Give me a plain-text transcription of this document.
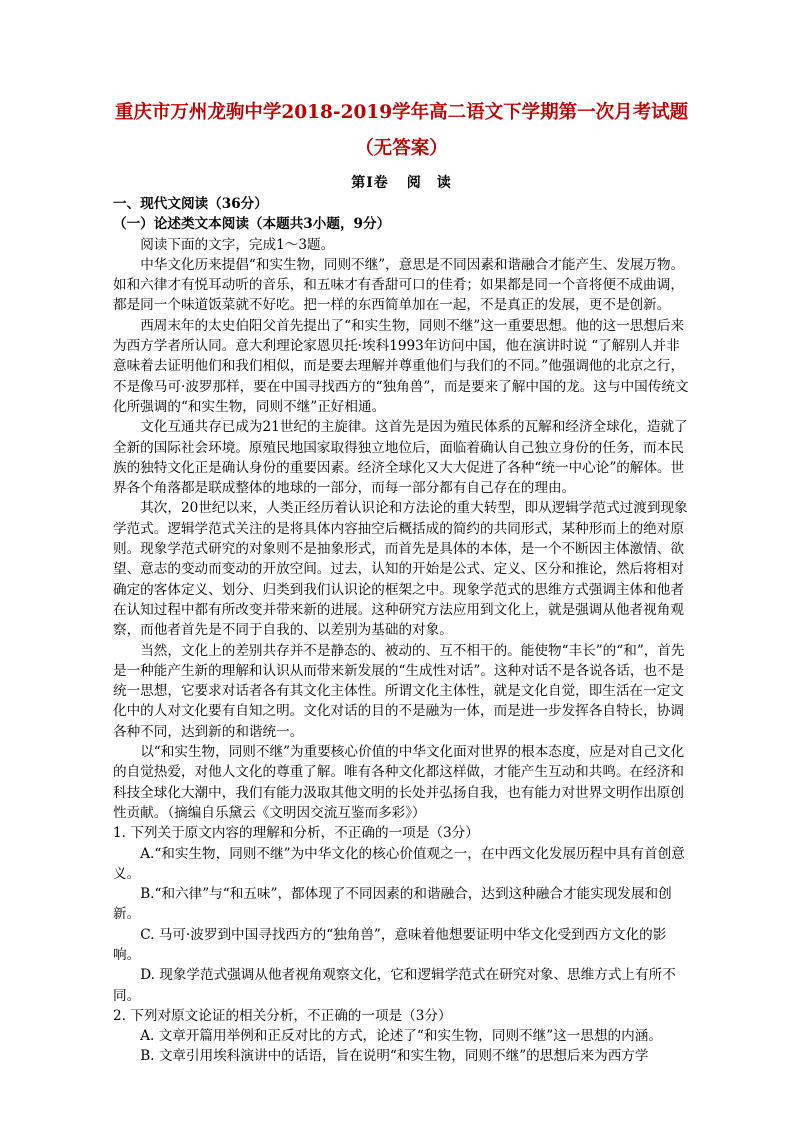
重庆市万州龙驹中学2018-2019学年高二语文下学期第一次月考试题
（无答案）
第Ⅰ卷 阅　读
一、现代文阅读（36分）
（一）论述类文本阅读（本题共3小题，9分）
阅读下面的文字，完成1～3题。
中华文化历来提倡“和实生物，同则不继”，意思是不同因素和谐融合才能产生、发展万物。如和六律才有悦耳动听的音乐，和五味才有香甜可口的佳肴；如果都是同一个音将便不成曲调，都是同一个味道饭菜就不好吃。把一样的东西简单加在一起，不是真正的发展，更不是创新。
西周末年的太史伯阳父首先提出了“和实生物，同则不继”这一重要思想。他的这一思想后来为西方学者所认同。意大利理论家恩贝托·埃科1993年访问中国，他在演讲时说 “了解别人并非意味着去证明他们和我们相似，而是要去理解并尊重他们与我们的不同。”他强调他的北京之行，不是像马可·波罗那样，要在中国寻找西方的“独角兽”，而是要来了解中国的龙。这与中国传统文化所强调的“和实生物，同则不继”正好相通。
文化互通共存已成为21世纪的主旋律。这首先是因为殖民体系的瓦解和经济全球化，造就了全新的国际社会环境。原殖民地国家取得独立地位后，面临着确认自己独立身份的任务，而本民族的独特文化正是确认身份的重要因素。经济全球化又大大促进了各种“统一中心论”的解体。世界各个角落都是联成整体的地球的一部分，而每一部分都有自己存在的理由。
其次，20世纪以来，人类正经历着认识论和方法论的重大转型，即从逻辑学范式过渡到现象学范式。逻辑学范式关注的是将具体内容抽空后概括成的简约的共同形式，某种形而上的绝对原则。现象学范式研究的对象则不是抽象形式，而首先是具体的本体，是一个不断因主体激情、欲望、意志的变动而变动的开放空间。过去，认知的开始是公式、定义、区分和推论，然后将相对确定的客体定义、划分、归类到我们认识论的框架之中。现象学范式的思维方式强调主体和他者在认知过程中都有所改变并带来新的进展。这种研究方法应用到文化上，就是强调从他者视角观察，而他者首先是不同于自我的、以差别为基础的对象。
当然，文化上的差别共存并不是静态的、被动的、互不相干的。能使物“丰长”的“和”，首先是一种能产生新的理解和认识从而带来新发展的“生成性对话”。这种对话不是各说各话，也不是统一思想，它要求对话者各有其文化主体性。所谓文化主体性，就是文化自觉，即生活在一定文化中的人对文化要有自知之明。文化对话的目的不是融为一体，而是进一步发挥各自特长，协调各种不同，达到新的和谐统一。
以“和实生物，同则不继”为重要核心价值的中华文化面对世界的根本态度，应是对自己文化的自觉热爱，对他人文化的尊重了解。唯有各种文化都这样做，才能产生互动和共鸣。在经济和科技全球化大潮中，我们有能力汲取其他文明的长处并弘扬自我，也有能力对世界文明作出原创性贡献。（摘编自乐黛云《文明因交流互鉴而多彩》）
1. 下列关于原文内容的理解和分析，不正确的一项是（3分）
A.“和实生物，同则不继”为中华文化的核心价值观之一，在中西文化发展历程中具有首创意义。
B.“和六律”与“和五味”，都体现了不同因素的和谐融合，达到这种融合才能实现发展和创新。
C. 马可·波罗到中国寻找西方的“独角兽”，意味着他想要证明中华文化受到西方文化的影响。
D. 现象学范式强调从他者视角观察文化，它和逻辑学范式在研究对象、思维方式上有所不同。
2. 下列对原文论证的相关分析，不正确的一项是（3分）
A. 文章开篇用举例和正反对比的方式，论述了“和实生物，同则不继”这一思想的内涵。
B. 文章引用埃科演讲中的话语，旨在说明“和实生物，同则不继”的思想后来为西方学
